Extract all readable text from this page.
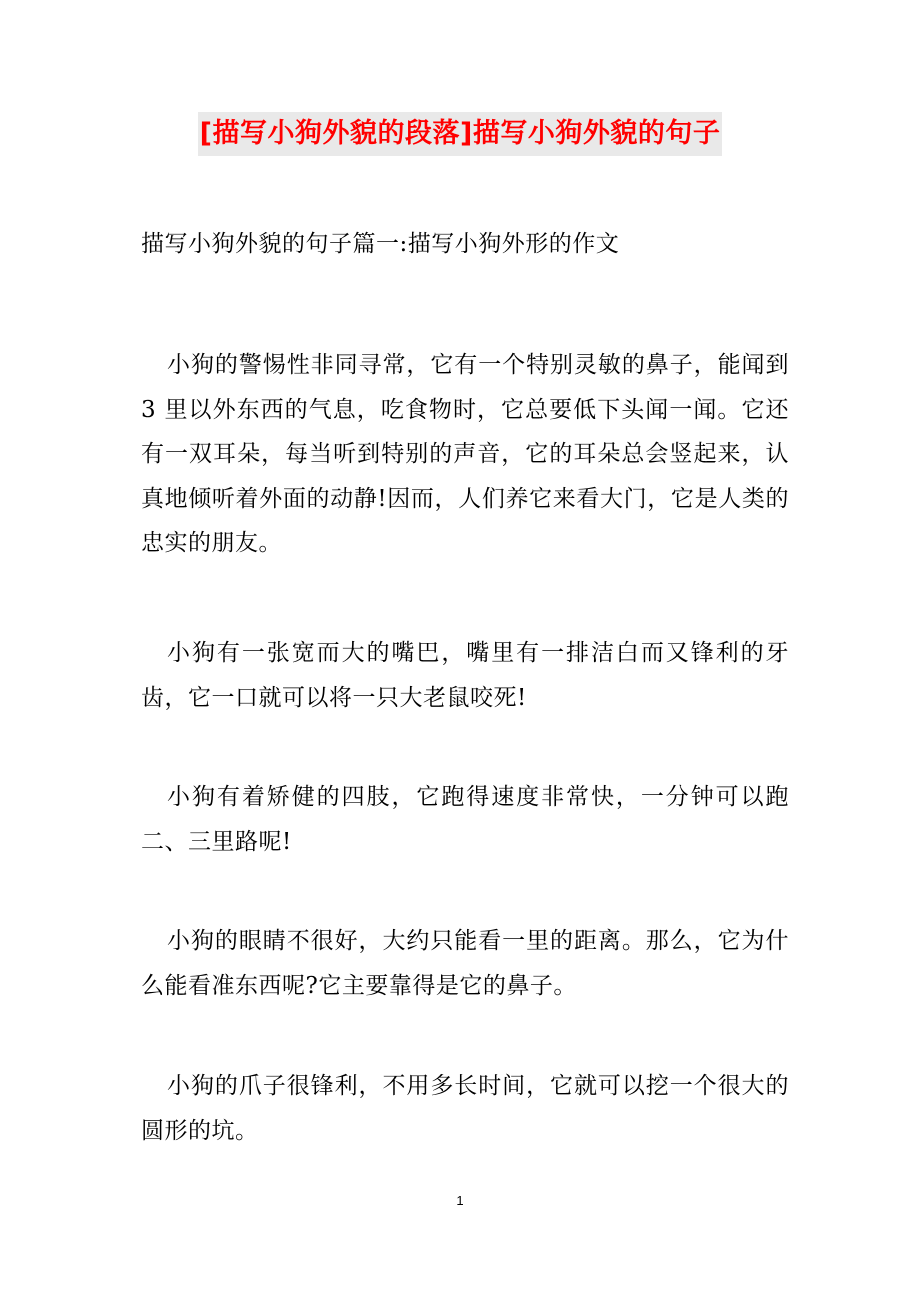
[描写小狗外貌的段落]描写小狗外貌的句子
描写小狗外貌的句子篇一:描写小狗外形的作文

小狗的警惕性非同寻常，它有一个特别灵敏的鼻子，能闻到 3 里以外东西的气息，吃食物时，它总要低下头闻一闻。它还有一双耳朵，每当听到特别的声音，它的耳朵总会竖起来，认真地倾听着外面的动静!因而，人们养它来看大门，它是人类的忠实的朋友。

小狗有一张宽而大的嘴巴，嘴里有一排洁白而又锋利的牙齿，它一口就可以将一只大老鼠咬死!

小狗有着矫健的四肢，它跑得速度非常快，一分钟可以跑二、三里路呢!

小狗的眼睛不很好，大约只能看一里的距离。那么，它为什么能看准东西呢?它主要靠得是它的鼻子。

小狗的爪子很锋利，不用多长时间，它就可以挖一个很大的圆形的坑。

1
